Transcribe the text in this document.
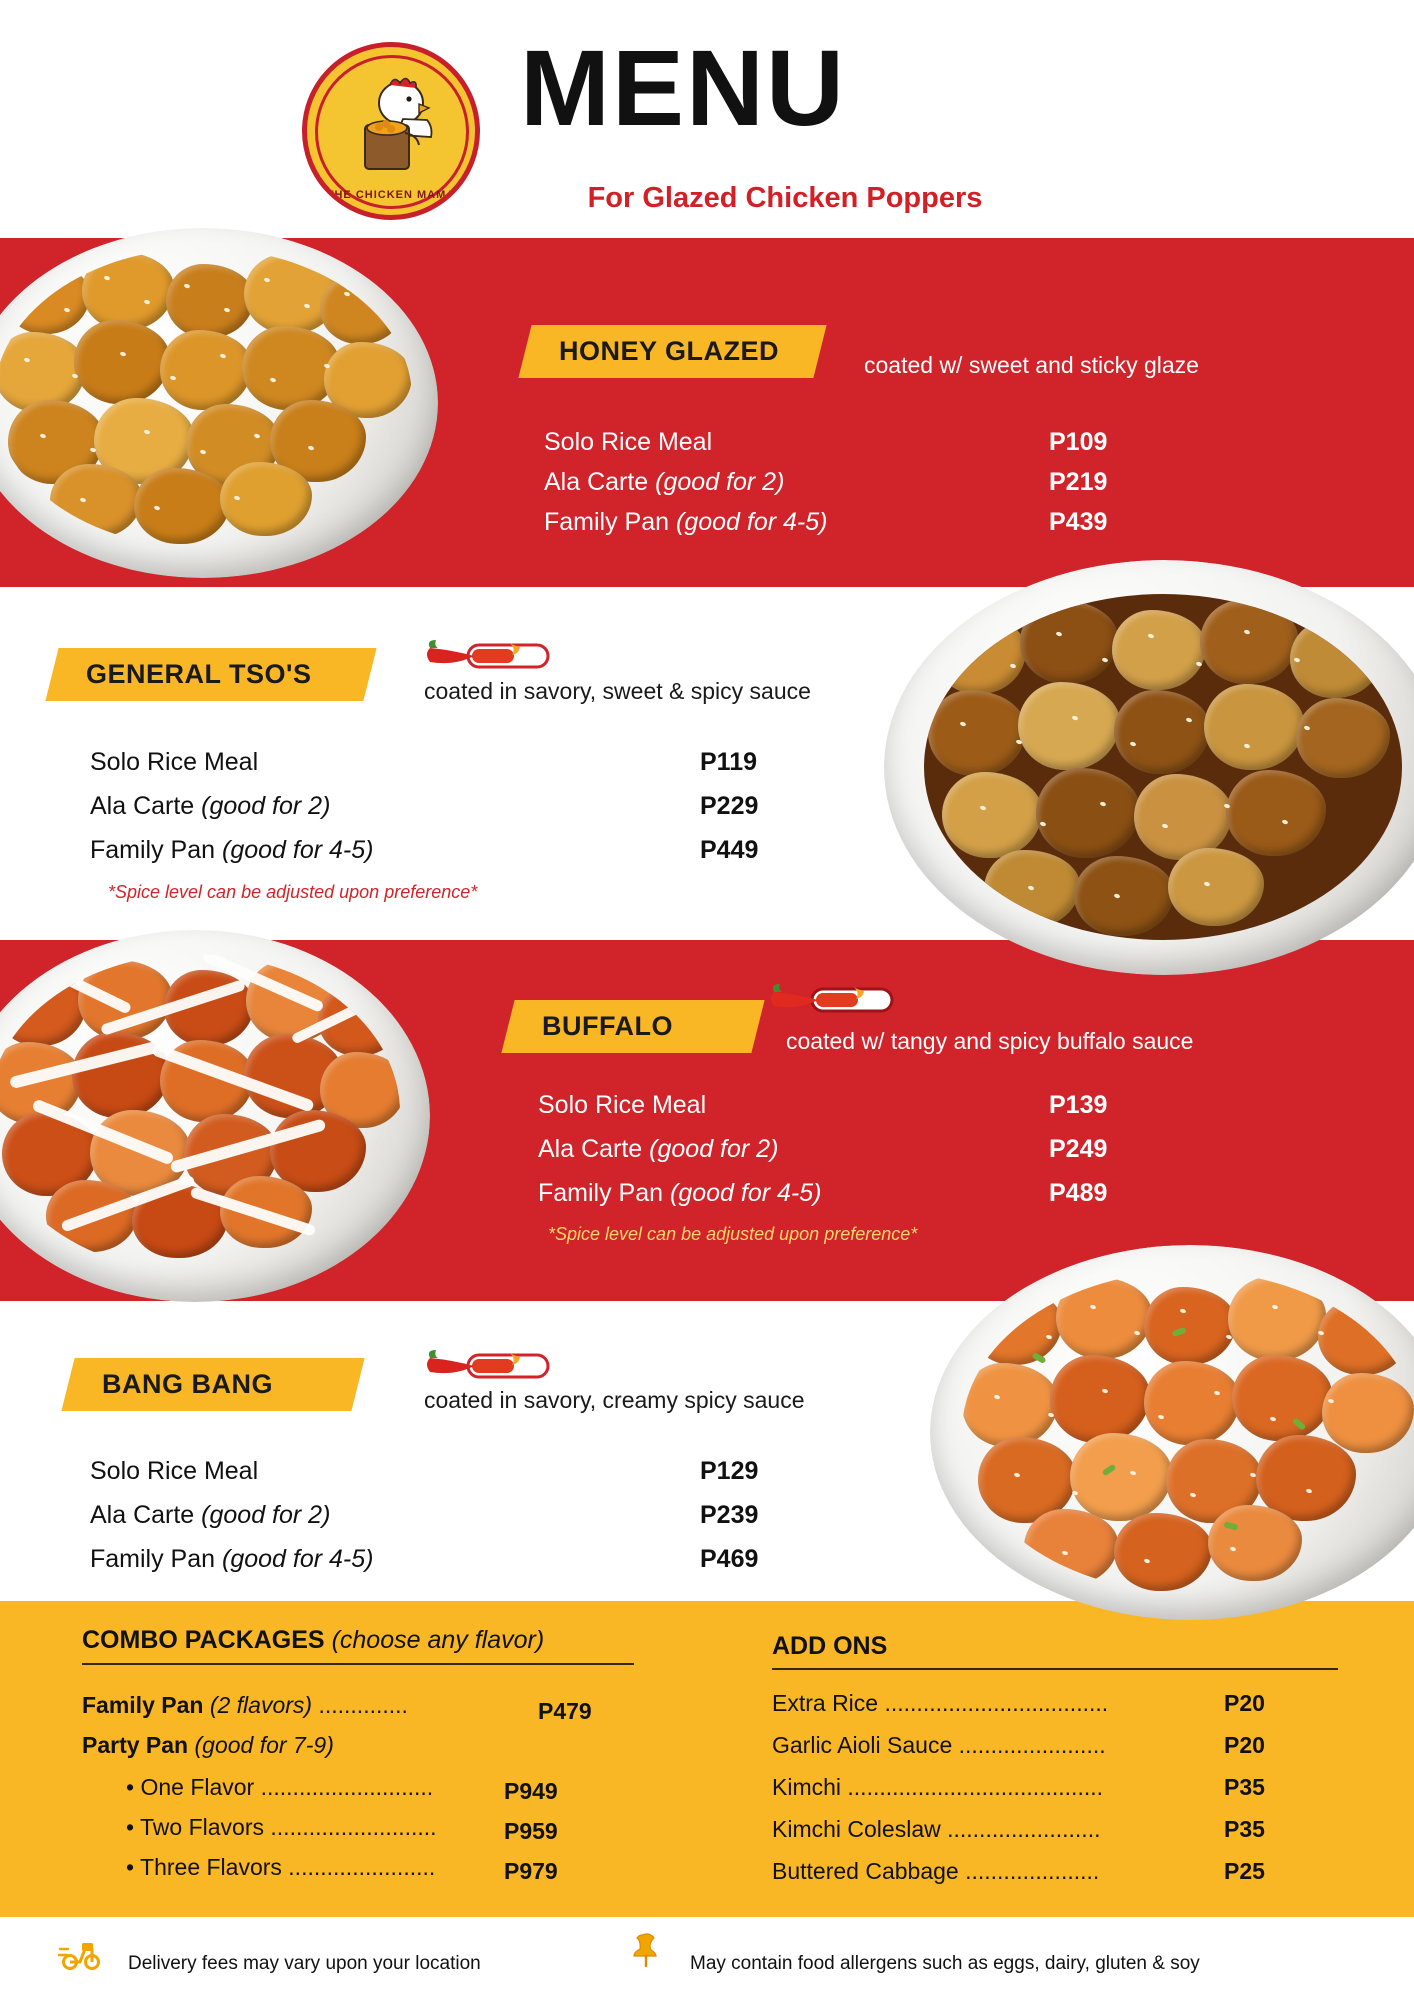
THE CHICKEN MAMA
MENU
For Glazed Chicken Poppers
HONEY GLAZED	coated w/ sweet and sticky glaze
Solo Rice Meal	P109
Ala Carte (good for 2)	P219
Family Pan (good for 4-5)	P439
GENERAL TSO'S
coated in savory, sweet & spicy sauce
Solo Rice Meal	P119
Ala Carte (good for 2)	P229
Family Pan (good for 4-5)	P449
*Spice level can be adjusted upon preference*
BUFFALO	coated w/ tangy and spicy buffalo sauce
Solo Rice Meal	P139
Ala Carte (good for 2)	P249
Family Pan (good for 4-5)	P489
*Spice level can be adjusted upon preference*
BANG BANG
coated in savory, creamy spicy sauce
Solo Rice Meal	P129
Ala Carte (good for 2)	P239
Family Pan (good for 4-5)	P469
COMBO PACKAGES (choose any flavor)
Family Pan (2 flavors) ..............	P479
Party Pan (good for 7-9)
• One Flavor ...........................	P949
• Two Flavors ..........................	P959
• Three Flavors .......................	P979
ADD ONS
Extra Rice ...................................	P20
Garlic Aioli Sauce .......................	P20
Kimchi ........................................	P35
Kimchi Coleslaw ........................	P35
Buttered Cabbage .....................	P25
Delivery fees may vary upon your location	May contain food allergens such as eggs, dairy, gluten & soy
